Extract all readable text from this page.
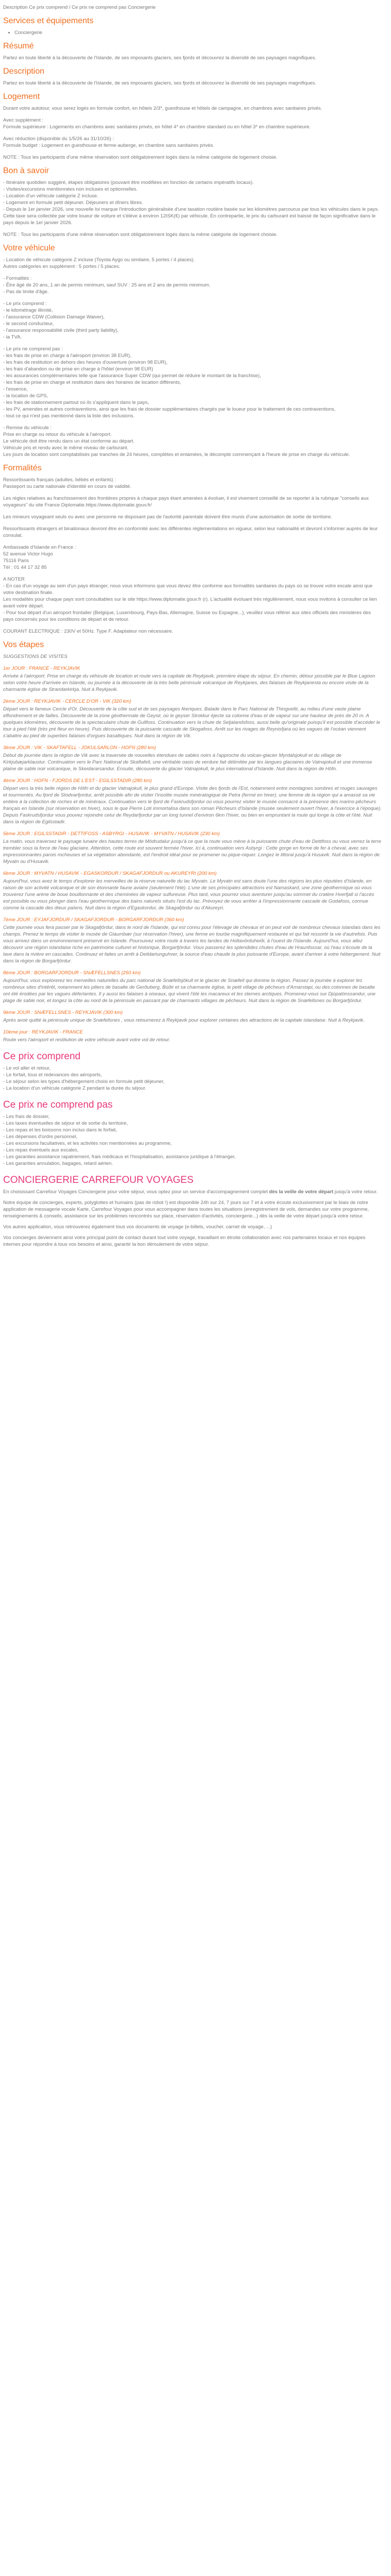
Description Ce prix comprend / Ce prix ne comprend pas Conciergerie

Services et équipements
• Conciergerie
Résumé

Partez en toute liberté à la découverte de l'Islande, de ses imposants glaciers, ses fjords et découvrez la diversité de ses paysages magnifiques.

Description

Partez en toute liberté à la découverte de l'Islande, de ses imposants glaciers, ses fjords et découvrez la diversité de ses paysages magnifiques.

Logement
Durant votre autotour, vous serez logés en formule confort, en hôtels 2/3*, guesthouse et hôtels de campagne, en chambres avec sanitaires privés.
Avec supplément :
Formule supérieure : Logements en chambres avec sanitaires privés, en hôtel 4* en chambre standard ou en hôtel 3* en chambre supérieure.
Avec réduction (disponible du 1/5/26 au 31/10/26) :
Formule budget : Logement en guesthouse et ferme-auberge, en chambre sans sanitaires privés.
NOTE : Tous les participants d'une même réservation sont obligatoirement logés dans la même catégorie de logement choisie.
Bon à savoir
- Itinéraire quotidien suggéré, étapes obligatoires (pouvant être modifiées en fonction de certains impératifs locaux).
- Visites/excursions mentionnées non incluses et optionnelles.
- Location d'un véhicule catégorie Z incluse.
- Logement en formule petit déjeuner. Déjeuners et dîners libres.
- Depuis le 1er janvier 2026, une nouvelle loi marque l'introduction généralisée d'une taxation routière basée sur les kilomètres parcourus par tous les véhicules dans le pays. Cette taxe sera collectée par votre loueur de voiture et s'élève à environ 12ISK(€) par véhicule. En contrepartie, le prix du carburant est baissé de façon significative dans le pays depuis le 1er janvier 2026.
NOTE : Tous les participants d'une même réservation sont obligatoirement logés dans la même catégorie de logement choisie.
Votre véhicule
- Location de véhicule catégorie Z incluse (Toyota Aygo ou similaire, 5 portes / 4 places).
Autres catégories en supplément : 5 portes / 5 places.
- Formalités :
- Être âgé de 20 ans, 1 an de permis minimum, sauf SUV : 25 ans et 2 ans de permis minimum.
- Pas de limite d'âge.
- Le prix comprend :
- le kilométrage illimité,
- l'assurance CDW (Collision Damage Waiver),
- le second conducteur,
- l'assurance responsabilité civile (third party liability),
- la TVA.
- Le prix ne comprend pas :
- les frais de prise en charge à l'aéroport (environ 38 EUR),
- les frais de restitution en dehors des heures d'ouverture (environ 98 EUR),
- les frais d'abandon ou de prise en charge à l'hôtel (environ 98 EUR)
- les assurances complémentaires telle que l'assurance Super CDW (qui permet de réduire le montant de la franchise),
- les frais de prise en charge et restitution dans des horaires de location différents,
- l'essence,
- la location de GPS,
- les frais de stationnement partout où ils s'appliquent dans le pays,
- les PV, amendes et autres contraventions, ainsi que les frais de dossier supplémentaires chargés par le loueur pour le traitement de ces contraventions,
- tout ce qui n'est pas mentionné dans la liste des inclusions.
- Remise du véhicule :
Prise en charge ou retour du véhicule à l'aéroport.
Le véhicule doit être rendu dans un état conforme au départ.
Véhicule pris et rendu avec le même niveau de carburant.
Les jours de location sont comptabilisés par tranches de 24 heures, complètes et entamées, le décompte commençant à l'heure de prise en charge du véhicule.
Formalités
Ressortissants français (adultes, bébés et enfants) :
Passeport ou carte nationale d'identité en cours de validité.
Les règles relatives au franchissement des frontières propres à chaque pays étant amenées à évoluer, il est vivement conseillé de se reporter à la rubrique "conseils aux voyageurs" du site France Diplomatie.https://www.diplomatie.gouv.fr/
Les mineurs voyageant seuls ou avec une personne ne disposant pas de l'autorité parentale doivent être munis d'une autorisation de sortie de territoire.
Ressortissants étrangers et binationaux devront être en conformité avec les différentes réglementations en vigueur, selon leur nationalité et devront s'informer auprès de leur consulat.
Ambassade d'Islande en France :
52 avenue Victor Hugo
75116 Paris
Tél : 01 44 17 32 85
A NOTER
- En cas d'un voyage au sein d'un pays étranger, nous vous informons que vous devez être conforme aux formalités sanitaires du pays où se trouve votre escale ainsi que votre destination finale.
Les modalités pour chaque pays sont consultables sur le site https://www.diplomatie.gouv.fr (r). L'actualité évoluant très régulièrement, nous vous invitons à consulter ce lien avant votre départ.
- Pour tout départ d'un aéroport frontalier (Belgique, Luxembourg, Pays-Bas, Allemagne, Suisse ou Espagne...), veuillez vous référer aux sites officiels des ministères des pays concernés pour les conditions de départ et de retour.
COURANT ELECTRIQUE : 230V et 50Hz. Type F. Adaptateur non nécessaire.
Vos étapes

SUGGESTIONS DE VISITES

1er JOUR : FRANCE - REYKJAVIK
Arrivée à l'aéroport. Prise en charge du véhicule de location et route vers la capitale de Reykjavik, première étape du séjour. En chemin, détour possible par le Blue Lagoon selon votre heure d'arrivée en Islande, ou journée à la découverte de la très belle péninsule volcanique de Reykjanes, des falaises de Reykjanesta ou encore visite de la charmante église de Strandarkirkja. Nuit à Reykjavik.
2ème JOUR : REYKJAVIK - CERCLE D'OR - VIK (320 km)
Départ vers le fameux Cercle d'Or. Découverte de la côte sud et de ses paysages féeriques. Balade dans le Parc National de Thingvellir, au milieu d'une vaste plaine effondrement et de failles. Découverte de la zone géothermale de Geysir, où le geyser Strokkur éjecte sa colonne d'eau et de vapeur sur une hauteur de près de 20 m. A quelques kilomètres, découverte de la spectaculaire chute de Gullfoss. Continuation vers la chute de Seljalandsfoss, aussi belle qu'originale puisqu'il est possible d'accéder le tour à pied l'été (très pré fleur en heure). Puis découverte de la puissante cascade de Skogafoss. Arrêt sur les rivages de Reynisfjara où les vagues de l'océan viennent s'abattre au pied de superbes falaises d'orgues basaltiques. Nuit dans la région de Vik.
3ème JOUR : VIK - SKAFTAFELL - JOKULSARLON - HOFN (280 km)
Début de journée dans la région de Vik avec la traversée de nouvelles étendues de sables noirs à l'approche du volcan-glacier Myrdalsjokull et du village de Kirkjubæjarklaustur. Continuation vers le Parc National de Skaftafell, une véritable oasis de verdure fait délimitée par les langues glaciaires de Vatnajokull et une immense plaine de sable noir volcanique, le Skeidararsandur. Ensuite, découverte du glacier Vatnajokull, le plus international d'Islande. Nuit dans la région de Höfn.
4ème JOUR : HOFN - FJORDS DE L'EST - EGILSSTADIR (280 km)
Départ vers la très belle région de Höfn et du glacier Vatnajokull, le plus grand d'Europe. Visite des fjords de l'Est, notamment entre montagnes sombres et rouges sauvages et tourmentés. Au fjord de Stodvarfjordur, arrêt possible afin de visiter l'insolite musée minéralogique de Petra (fermé en hiver). une femme de la région qui a amassé sa vie entière à la collection de roches et de minéraux. Continuation vers le fjord de Faskrudsfjordur où vous pourrez visiter le musée consacré à la présence des marins-pêcheurs français en Islande (sur réservation en hiver), sous le que Pierre Loti immortalisa dans son roman Pêcheurs d'Islande (musée seulement ouvert l'hiver, à l'exercice à l'époque). Depuis Faskrudsfjordur vous pouvez rejoindre celui de Reydarfjordur par un long tunnel d'environ 6km l'hiver, ou bien en empruntant la route qui longe la côte et l'été. Nuit dans la région de Egilsstadir.
5ème JOUR : EGILSSTADIR - DETTIFOSS - ASBYRGI - HUSAVIK - MYVATN / HUSAVIK (230 km)
La matin, vous traversez le paysage lunaire des hautes terres de Mödrudalur jusqu'à ce que la route vous mène à la puissante chute d'eau de Dettifoss ou vous verrez la terre trembler sous la force de l'eau glaciaire. Attention, cette route est souvent fermée l'hiver. Ici à, continuation vers Asbyrgi : Cette gorge en forme de fer à cheval, avec ses impressionnantes parois rocheuses et sa végétation abondante, est l'endroit idéal pour se promener ou pique-niquer. Longez le littoral jusqu'à Husavik. Nuit dans la région de Myvatn ou d'Husavik.
6ème JOUR : MYVATN / HUSAVIK - EGASKORDUR / SKAGAFJORDUR ou AKUREYRI (200 km)
Aujourd'hui, vous avez le temps d'explorer les merveilles de la réserve naturelle du lac Myvatn. Le Myvatn est sans doute l'une des régions les plus réputées d'Islande, en raison de son activité volcanique et de son étonnante faune aviaire (seulement l'été). L'une de ses principales attractions est Namaskard, une zone géothermique où vous trouverez l'une arène de boue bouillonnante et des cheminées de vapeur sulfureuse. Plus tard, vous pourrez vous aventurer jusqu'au sommet du cratère Hverfjall si l'accès est possible ou vous plonger dans l'eau géothermique des bains naturels situés l'est du lac. Prévoyez de vous arrêter à l'impressionnante cascade de Godafoss, connue comme la cascade des dieux païens. Nuit dans la région d'Egaskordur, de Skagafjördur ou d'Akureyri.
7ème JOUR : EYJAFJORDUR / SKAGAFJORDUR - BORGARFJORDUR (360 km)
Cette journée vous fera passer par le Skagafjördur, dans le nord de l'Islande, qui est connu pour l'élevage de chevaux et on peut voir de nombreux chevaux islandais dans les champs. Prenez le temps de visiter le musée de Glaumbær (sur réservation l'hiver), une ferme en tourbe magnifiquement restaurée et qui fait ressortir la vie d'autrefois. Puis vous arrivez dans un environnement préservé en Islande. Poursuivez votre route à travers les landes de Holtavörduheiði, à l'ouest de l'Islande. Aujourd'hui, vous allez découvrir une région islandaise riche en patrimoine culturel et historique, Borgarfjördur. Vous passerez les splendides chutes d'eau de Hraunfossar, où l'eau s'écoule de la lave dans la rivière en cascades. Continuez et faites un arrêt à Deildartunguhver, la source d'eau chaude la plus puissante d'Europe, avant d'arriver à votre hébergement. Nuit dans la région de Borgarfjördur.
8ème JOUR : BORGARFJORDUR - SNÆFELLSNES (250 km)
Aujourd'hui, vous explorerez les merveilles naturelles du parc national de Snæfellsjökull et le glacier de Snæfell qui domine la région. Passez la journée à explorer les nombreux sites d'intérêt, notamment les piliers de basalte de Gerðuberg, Búðir et sa charmante église, le petit village de pêcheurs d'Arnarstapi, ou des colonnes de basalte ont été érodées par les vagues déferlantes. Il y aussi les falaises à oiseaux, qui vivent l'été les macareux et les sternes arctiques. Promenez-vous sur Djúpalónssandur, une plage de sable noir, et longez la côte au nord de la péninsule en passant par de charmants villages de pêcheurs. Nuit dans la région de Snæfellsnes ou Borgarfjördur.
9ème JOUR : SNÆFELLSNES - REYKJAVIK (300 km)
Après avoir quitté la péninsule unique de Snæfellsnes , vous retournerez à Reykjavik pour explorer certaines des attractions de la capitale islandaise. Nuit à Reykjavik.
10ème jour : REYKJAVIK - FRANCE
Route vers l'aéroport et restitution de votre véhicule avant votre vol de retour.
Ce prix comprend
- Le vol aller et retour,
- Le forfait, tous et redevances des aéroports,
- Le séjour selon les types d'hébergement choisi en formule petit déjeuner,
- La location d'un véhicule catégorie Z pendant la durée du séjour.
Ce prix ne comprend pas
- Les frais de dossier,
- Les taxes éventuelles de séjour et de sortie du territoire,
- Les repas et les boissons non inclus dans le forfait,
- Les dépenses d'ordre personnel,
- Les excursions facultatives, et les activités non mentionnées au programme,
- Les repas éventuels aux escales,
- Les garanties assistance rapatriement, frais médicaux et l'hospitalisation, assistance juridique à l'étranger,
- Les garanties annulation, bagages, retard aérien.
CONCIERGERIE CARREFOUR VOYAGES

En choisissant Carrefour Voyages Conciergerie pour votre séjour, vous optez pour un service d'accompagnement complet dès la veille de votre départ jusqu'à votre retour.

Notre équipe de concierges, experts, polyglottes et humains (pas de robot !) est disponible 24h sur 24, 7 jours sur 7 et à votre écoute exclusivement par le biais de notre application de messagerie vocale Karte, Carrefour Voyages pour vous accompagner dans toutes les situations (enregistrement de vols, demandes sur votre programme, renseignements & conseils, assistance sur les problèmes rencontrés sur place, réservation d'activités, conciergerie...) dès la veille de votre départ jusqu'à votre retour.

Vos autres application, vous retrouverez également tous vos documents de voyage (e-billets, voucher, carnet de voyage, ...)

Vos concierges deviennent ainsi votre principal point de contact durant tout votre voyage, travaillant en étroite collaboration avec nos partenaires locaux et nos équipes internes pour répondre à tous vos besoins et ainsi, garantir la bon déroulement de votre séjour.
